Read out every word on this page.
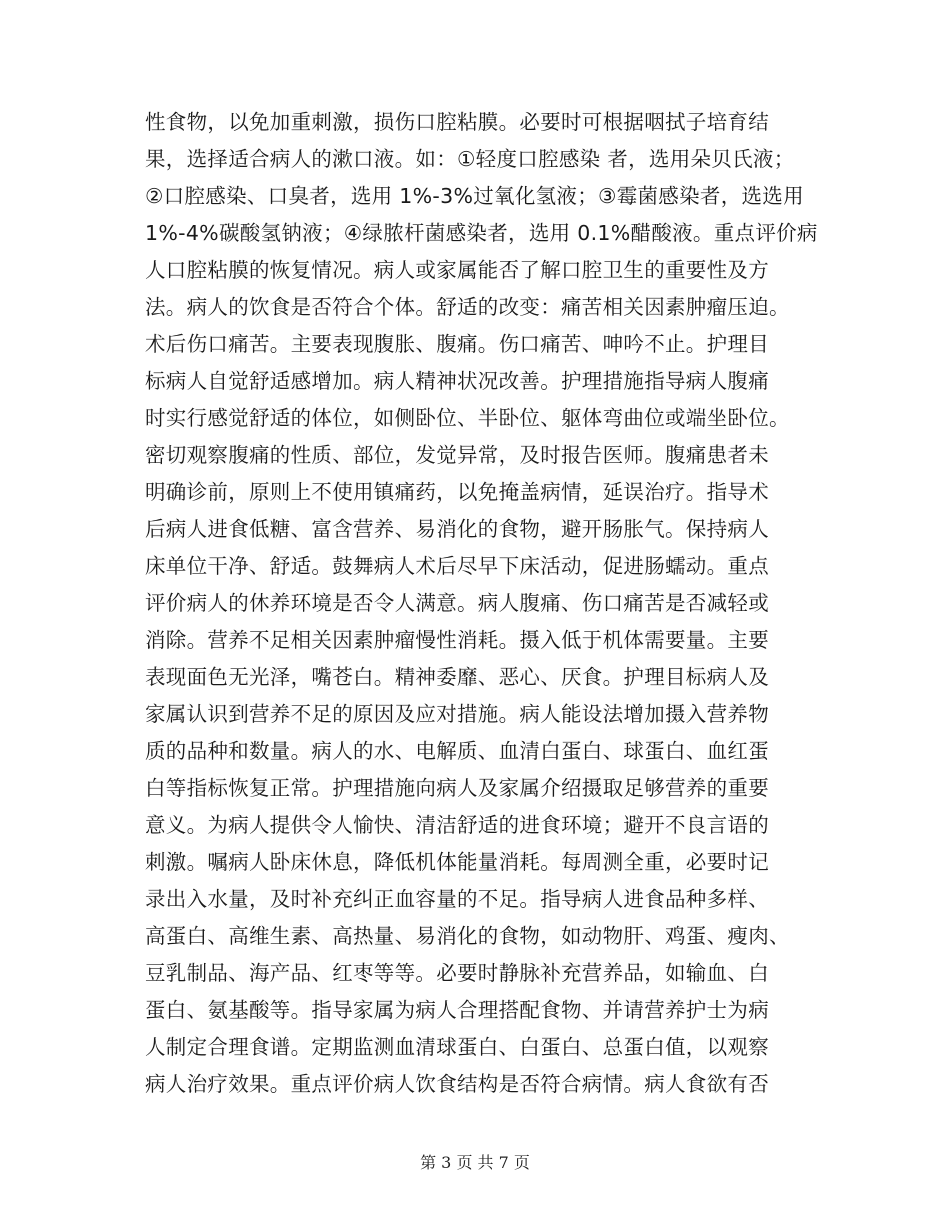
性食物，以免加重刺激，损伤口腔粘膜。必要时可根据咽拭子培育结
果，选择适合病人的漱口液。如：①轻度口腔感染 者，选用朵贝氏液；
②口腔感染、口臭者，选用 1%-3%过氧化氢液；③霉菌感染者，选选用
1%-4%碳酸氢钠液；④绿脓杆菌感染者，选用 0.1%醋酸液。重点评价病
人口腔粘膜的恢复情况。病人或家属能否了解口腔卫生的重要性及方
法。病人的饮食是否符合个体。舒适的改变：痛苦相关因素肿瘤压迫。
术后伤口痛苦。主要表现腹胀、腹痛。伤口痛苦、呻吟不止。护理目
标病人自觉舒适感增加。病人精神状况改善。护理措施指导病人腹痛
时实行感觉舒适的体位，如侧卧位、半卧位、躯体弯曲位或端坐卧位。
密切观察腹痛的性质、部位，发觉异常，及时报告医师。腹痛患者未
明确诊前，原则上不使用镇痛药，以免掩盖病情，延误治疗。指导术
后病人进食低糖、富含营养、易消化的食物，避开肠胀气。保持病人
床单位干净、舒适。鼓舞病人术后尽早下床活动，促进肠蠕动。重点
评价病人的休养环境是否令人满意。病人腹痛、伤口痛苦是否减轻或
消除。营养不足相关因素肿瘤慢性消耗。摄入低于机体需要量。主要
表现面色无光泽，嘴苍白。精神委靡、恶心、厌食。护理目标病人及
家属认识到营养不足的原因及应对措施。病人能设法增加摄入营养物
质的品种和数量。病人的水、电解质、血清白蛋白、球蛋白、血红蛋
白等指标恢复正常。护理措施向病人及家属介绍摄取足够营养的重要
意义。为病人提供令人愉快、清洁舒适的进食环境；避开不良言语的
刺激。嘱病人卧床休息，降低机体能量消耗。每周测全重，必要时记
录出入水量，及时补充纠正血容量的不足。指导病人进食品种多样、
高蛋白、高维生素、高热量、易消化的食物，如动物肝、鸡蛋、瘦肉、
豆乳制品、海产品、红枣等等。必要时静脉补充营养品，如输血、白
蛋白、氨基酸等。指导家属为病人合理搭配食物、并请营养护士为病
人制定合理食谱。定期监测血清球蛋白、白蛋白、总蛋白值，以观察
病人治疗效果。重点评价病人饮食结构是否符合病情。病人食欲有否
第 3 页 共 7 页
